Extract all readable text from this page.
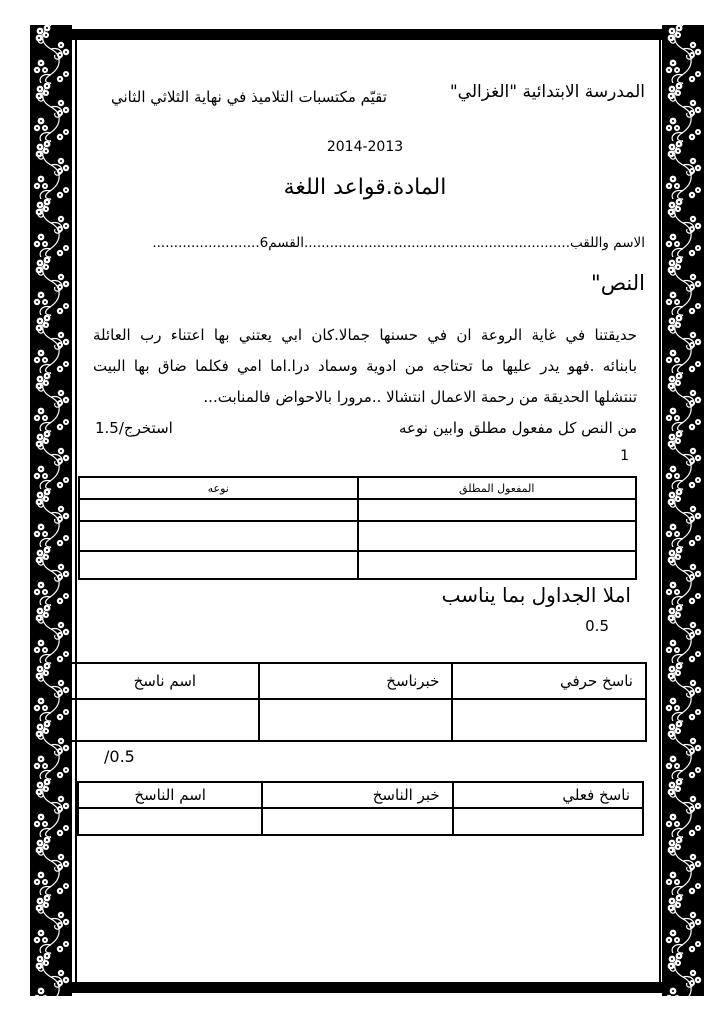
المدرسة الابتدائية "الغزالي"
تقيّم مكتسبات التلاميذ في نهاية الثلاثي الثاني
2014-2013
المادة.قواعد اللغة
الاسم واللقب..............................................................القسم6.........................
النص"
حديقتنا في غاية الروعة ان في حسنها جمالا.كان ابي يعتني بها اعتناء رب العائلة
بابنائه .فهو يدر عليها ما تحتاجه من ادوية وسماد درا.اما امي فكلما ضاق بها البيت
تنتشلها الحديقة من رحمة الاعمال انتشالا ..مرورا بالاحواض فالمنابت...
من النص كل مفعول مطلق وابين نوعه
1.5/استخرج
1
المفعول المطلق	نوعه

املا الجداول بما يناسب
0.5
ناسخ حرفي	خبرناسخ	اسم ناسخ

/0.5
ناسخ فعلي	خبر الناسخ	اسم الناسخ
